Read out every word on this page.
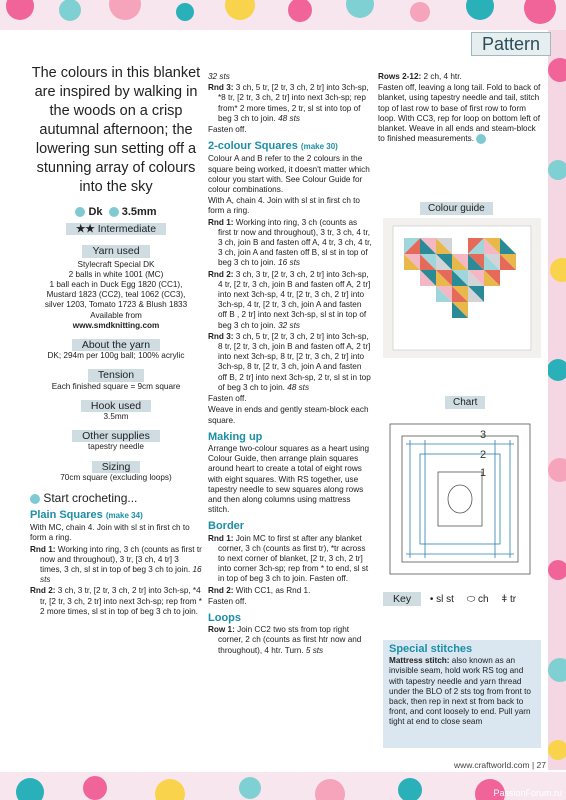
Pattern
The colours in this blanket are inspired by walking in the woods on a crisp autumnal afternoon; the lowering sun setting off a stunning array of colours into the sky
Dk 3.5mm
★★ Intermediate
Yarn used
Stylecraft Special DK
2 balls in white 1001 (MC)
1 ball each in Duck Egg 1820 (CC1),
Mustard 1823 (CC2), teal 1062 (CC3),
silver 1203, Tomato 1723 & Blush 1833
Available from
www.smdknitting.com
About the yarn
DK; 294m per 100g ball; 100% acrylic
Tension
Each finished square = 9cm square
Hook used
3.5mm
Other supplies
tapestry needle
Sizing
70cm square (excluding loops)
Start crocheting...
Plain Squares (make 34)

With MC, chain 4. Join with sl st in first ch to form a ring.

Rnd 1: Working into ring, 3 ch (counts as first tr now and throughout), 3 tr, [3 ch, 4 tr] 3 times, 3 ch, sl st in top of beg 3 ch to join. 16 sts

Rnd 2: 3 ch, 3 tr, [2 tr, 3 ch, 2 tr] into 3ch-sp, *4 tr, [2 tr, 3 ch, 2 tr] into next 3ch-sp; rep from * 2 more times, sl st in top of beg 3 ch to join.

32 sts

Rnd 3: 3 ch, 5 tr, [2 tr, 3 ch, 2 tr] into 3ch-sp, *8 tr, [2 tr, 3 ch, 2 tr] into next 3ch-sp; rep from* 2 more times, 2 tr, sl st into top of beg 3 ch to join. 48 sts

Fasten off.

2-colour Squares (make 30)

Colour A and B refer to the 2 colours in the square being worked, it doesn't matter which colour you start with. See Colour Guide for colour combinations.

With A, chain 4. Join with sl st in first ch to form a ring.

Rnd 1: Working into ring, 3 ch (counts as first tr now and throughout), 3 tr, 3 ch, 4 tr, 3 ch, join B and fasten off A, 4 tr, 3 ch, 4 tr, 3 ch, join A and fasten off B, sl st in top of beg 3 ch to join. 16 sts

Rnd 2: 3 ch, 3 tr, [2 tr, 3 ch, 2 tr] into 3ch-sp, 4 tr, [2 tr, 3 ch, join B and fasten off A, 2 tr] into next 3ch-sp, 4 tr, [2 tr, 3 ch, 2 tr] into 3ch-sp, 4 tr, [2 tr, 3 ch, join A and fasten off B , 2 tr] into next 3ch-sp, sl st in top of beg 3 ch to join. 32 sts

Rnd 3: 3 ch, 5 tr, [2 tr, 3 ch, 2 tr] into 3ch-sp, 8 tr, [2 tr, 3 ch, join B and fasten off A, 2 tr] into next 3ch-sp, 8 tr, [2 tr, 3 ch, 2 tr] into 3ch-sp, 8 tr, [2 tr, 3 ch, join A and fasten off B, 2 tr] into next 3ch-sp, 2 tr, sl st in top of beg 3 ch to join. 48 sts

Fasten off.

Weave in ends and gently steam-block each square.

Making up

Arrange two-colour squares as a heart using Colour Guide, then arrange plain squares around heart to create a total of eight rows with eight squares. With RS together, use tapestry needle to sew squares along rows and then along columns using mattress stitch.

Border

Rnd 1: Join MC to first st after any blanket corner, 3 ch (counts as first tr), *tr across to next corner of blanket, [2 tr, 3 ch, 2 tr] into corner 3ch-sp; rep from * to end, sl st in top of beg 3 ch to join. Fasten off.

Rnd 2: With CC1, as Rnd 1.

Fasten off.

Loops

Row 1: Join CC2 two sts from top right corner, 2 ch (counts as first htr now and throughout), 4 htr. Turn. 5 sts

Rows 2-12: 2 ch, 4 htr.

Fasten off, leaving a long tail. Fold to back of blanket, using tapestry needle and tail, stitch top of last row to base of first row to form loop. With CC3, rep for loop on bottom left of blanket. Weave in all ends and steam-block to finished measurements.

Colour guide
Chart
3
2
1
Key • sl st ⬭ ch ǂ tr
Special stitches
Mattress stitch: also known as an invisible seam, hold work RS tog and with tapestry needle and yarn thread under the BLO of 2 sts tog from front to back, then rep in next st from back to front, and cont loosely to end. Pull yarn tight at end to close seam
www.craftworld.com | 27
PassionForum.ru
